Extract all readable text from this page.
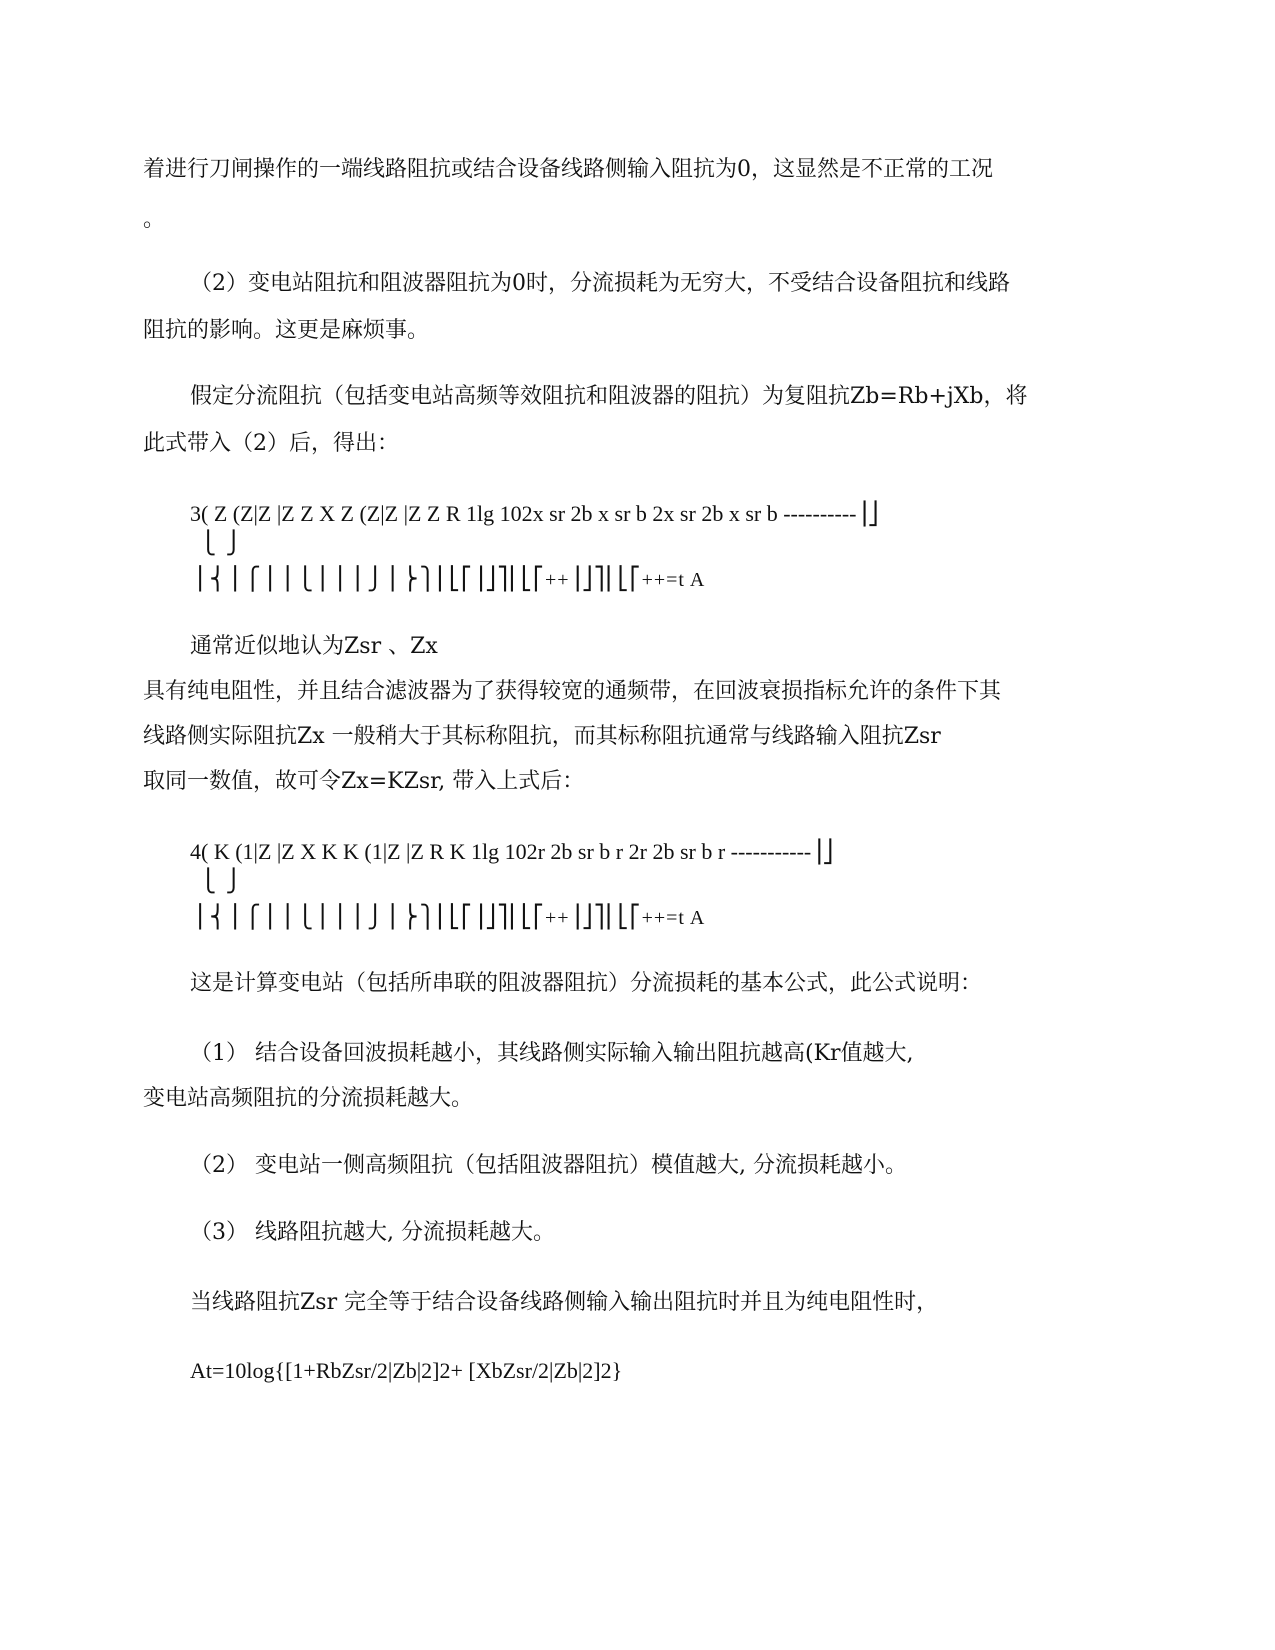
着进行刀闸操作的一端线路阻抗或结合设备线路侧输入阻抗为0，这显然是不正常的工况
。
（2）变电站阻抗和阻波器阻抗为0时，分流损耗为无穷大，不受结合设备阻抗和线路
阻抗的影响。这更是麻烦事。
假定分流阻抗（包括变电站高频等效阻抗和阻波器的阻抗）为复阻抗Zb=Rb+jXb，将
此式带入（2）后，得出：
3( Z (Z|Z |Z Z X Z (Z|Z |Z Z R 1lg 102x sr 2b x sr b 2x sr 2b x sr b ----------⎥⎦
⎩ ⎭
⎪⎨⎪⎧⎪⎪⎩⎪⎪⎪⎭⎪⎬⎫⎢⎣⎡⎥⎦⎤⎢⎣⎡++⎥⎦⎤⎢⎣⎡++=t A
通常近似地认为Zsr 、Zx
具有纯电阻性，并且结合滤波器为了获得较宽的通频带，在回波衰损指标允许的条件下其
线路侧实际阻抗Zx 一般稍大于其标称阻抗，而其标称阻抗通常与线路输入阻抗Zsr
取同一数值，故可令Zx=KZsr, 带入上式后：
4( K (1|Z |Z X K K (1|Z |Z R K 1lg 102r 2b sr b r 2r 2b sr b r -----------⎥⎦
⎩ ⎭
⎪⎨⎪⎧⎪⎪⎩⎪⎪⎪⎭⎪⎬⎫⎢⎣⎡⎥⎦⎤⎢⎣⎡++⎥⎦⎤⎢⎣⎡++=t A
这是计算变电站（包括所串联的阻波器阻抗）分流损耗的基本公式，此公式说明：
（1） 结合设备回波损耗越小，其线路侧实际输入输出阻抗越高(Kr值越大,
变电站高频阻抗的分流损耗越大。
（2） 变电站一侧高频阻抗（包括阻波器阻抗）模值越大, 分流损耗越小。
（3） 线路阻抗越大, 分流损耗越大。
当线路阻抗Zsr 完全等于结合设备线路侧输入输出阻抗时并且为纯电阻性时，
At=10log{[1+RbZsr/2|Zb|2]2+ [XbZsr/2|Zb|2]2}
